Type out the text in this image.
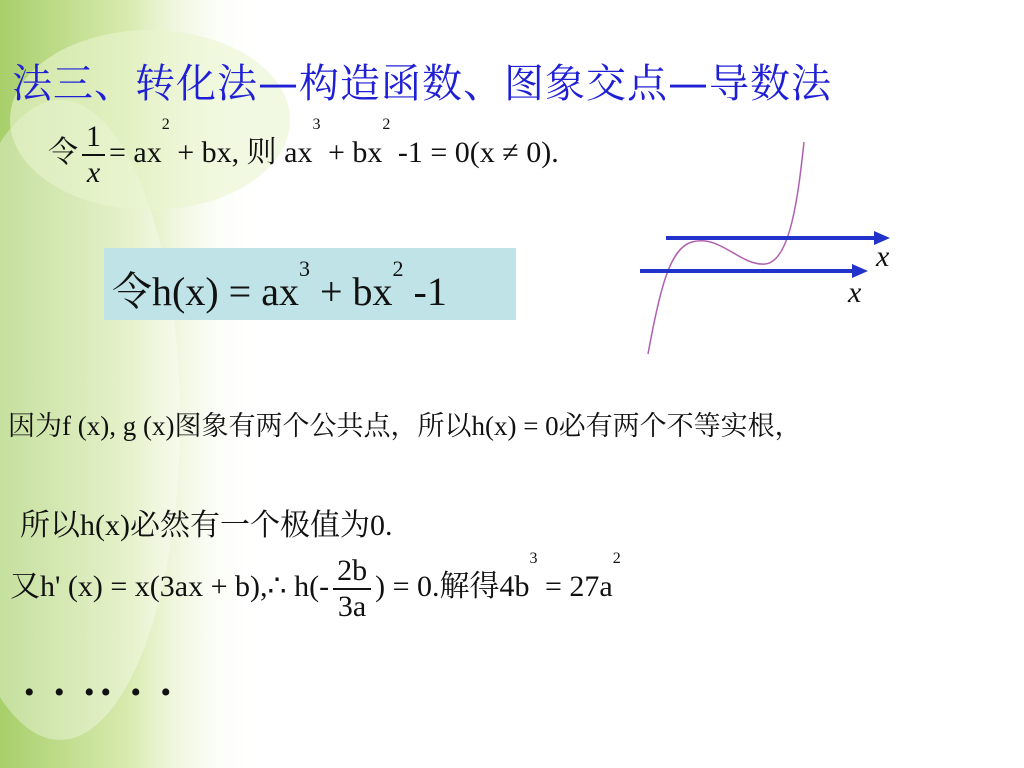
法三、转化法—构造函数、图象交点—导数法
令 $\frac{1}{x} = ax^2$ + bx, 则 $ax^3 + bx^2$ -1 = 0(x ≠ 0).
令$h(x) = ax^3 + bx^2$ -1
x
x
因为f (x), g (x)图象有两个公共点，所以h(x) = 0必有两个不等实根，
所以h(x)必然有一个极值为0.
又h' (x) = x(3ax + b),∴ $h(- \frac{2b}{3a}$ ) = 0.解得$4b^3 = 27a^2$
• • •• • •
